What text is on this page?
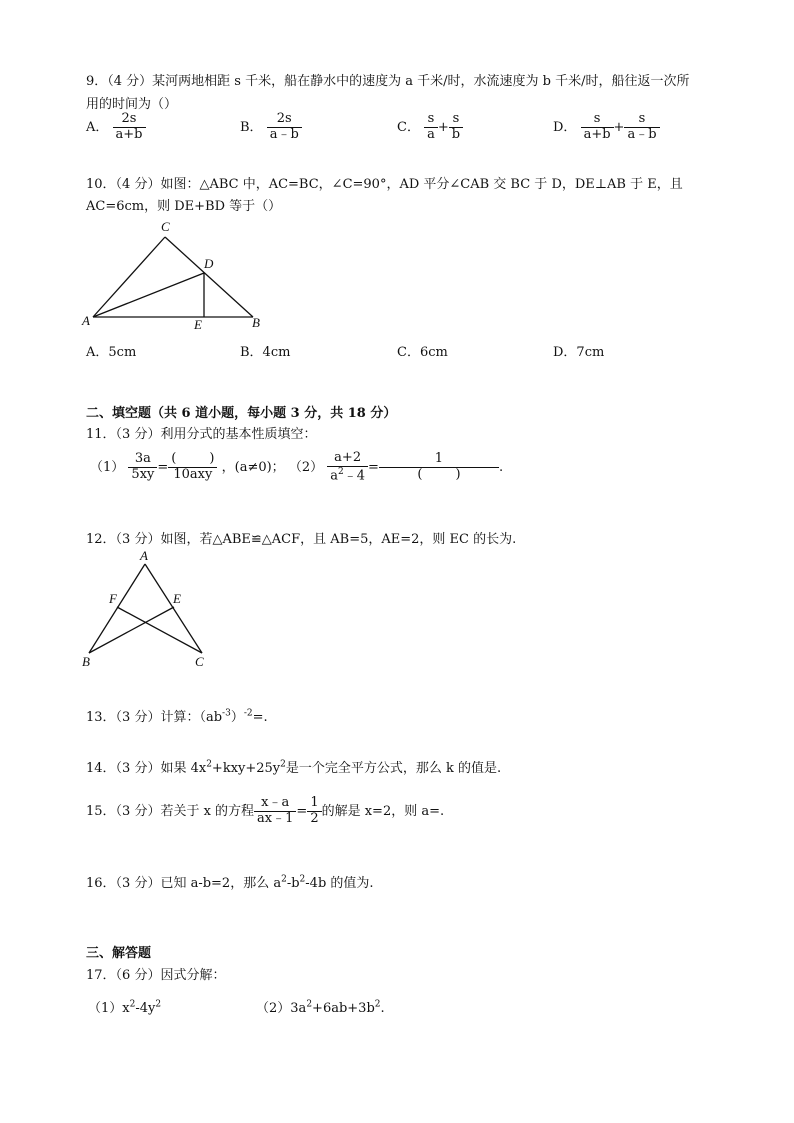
9．（4 分）某河两地相距 s 千米，船在静水中的速度为 a 千米/时，水流速度为 b 千米/时，船往返一次所
用的时间为（）
A． $\frac{2s}{a+b}$	B． $\frac{2s}{a﹣b}$	C． $\frac{s}{a} + \frac{s}{b}$	D． $\frac{s}{a+b} + \frac{s}{a﹣b}$
10．（4 分）如图：△ABC 中，AC=BC，∠C=90°，AD 平分∠CAB 交 BC 于 D，DE⊥AB 于 E，且
AC=6cm，则 DE+BD 等于（）
C
D
A	E	B
A．5cm	B．4cm	C．6cm	D．7cm
二、填空题（共 6 道小题，每小题 3 分，共 18 分）
11．（3 分）利用分式的基本性质填空：
$(1) \frac{3a}{5xy} = \frac{( )}{\text{10axy}}$ ，(a≠0)； $(2) \frac{a+2}{a^2﹣4} = \frac{1}{( )}$ .
12．（3 分）如图，若△ABE≌△ACF，且 AB=5，AE=2，则 EC 的长为.
A
F	E
B	C
13．（3 分）计算：$(ab^{-3})^{-2}=$.
14．（3 分）如果 $4x^2+kxy+25y^2$是一个完全平方公式，那么 k 的值是.
15．（3 分）若关于 x 的方程 $\frac{x﹣a}{ax﹣1} = \frac{1}{2}$ 的解是 x=2，则 a=.
16．（3 分）已知 a-b=2，那么 $a^2-b^2-4b$ 的值为.
三、解答题
17．（6 分）因式分解：
$(1)x^2-4y^2$	$(2)3a^2+6ab+3b^2$.
